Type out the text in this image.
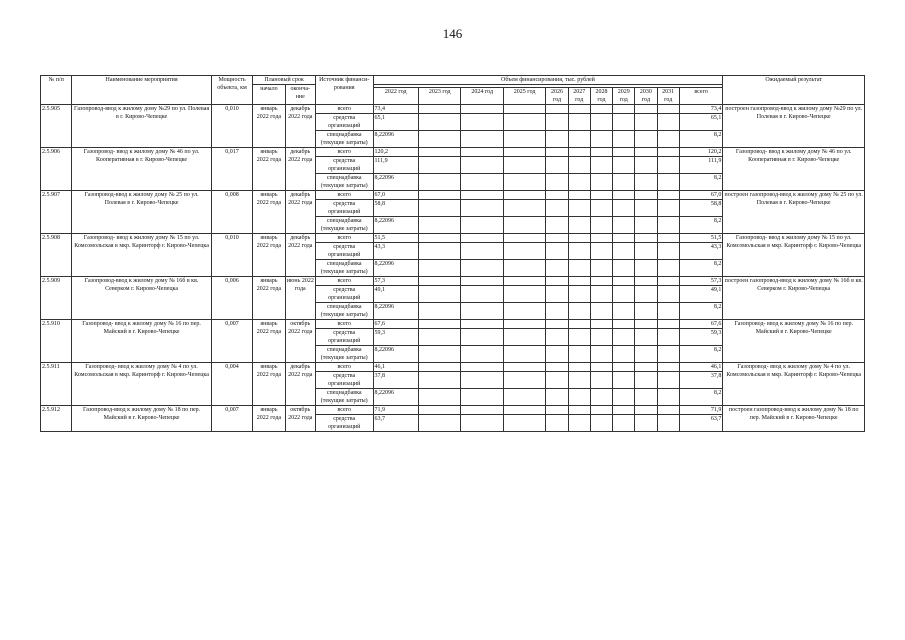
146
№ п/п	Наименование мероприятия	Мощность объекта, км	Плановый срок		Источник финанси-рования	Объем финансирования, тыс. рублей											Ожидаемый результат
			начало	оконча-ние													
						2022 год	2023 год	2024 год	2025 год	2026 год	2027 год	2028 год	2029 год	2030 год	2031 год	всего	
2.5.905	Газопровод-ввод к жилому дому №29 по ул. Полевая в г. Кирово-Чепецке	0,010	январь 2022 года	декабрь 2022 года	всего	73,4										73,4	построен газопровод-ввод к жилому дому №29 по ул. Полевая в г. Кирово-Чепецке
					средства организаций	65,1										65,1	
					спецнадбавка (текущие затраты)	8,22096										8,2	
2.5.906	Газопровод- ввод к жилому дому № 46 по ул. Кооперативная в г. Кирово-Чепецке	0,017	январь 2022 года	декабрь 2022 года	всего	120,2										120,2	Газопровод- ввод к жилому дому № 46 по ул. Кооперативная в г. Кирово-Чепецке
					средства организаций	111,9										111,9	
					спецнадбавка (текущие затраты)	8,22096										8,2	
2.5.907	Газопровод-ввод к жилому дому № 25 по ул. Полевая в г. Кирово-Чепецке	0,008	январь 2022 года	декабрь 2022 года	всего	67,0										67,0	построен газопровод-ввод к жилому дому № 25 по ул. Полевая в г. Кирово-Чепецке
					средства организаций	58,8										58,8	
					спецнадбавка (текущие затраты)	8,22096										8,2	
2.5.908	Газопровод- ввод к жилому дому № 15 по ул. Комсомольская в мкр. Каринторф г. Кирово-Чепецка	0,010	январь 2022 года	декабрь 2022 года	всего	51,5										51,5	Газопровод- ввод к жилому дому № 15 по ул. Комсомольская в мкр. Каринторф г. Кирово-Чепецка
					средства организаций	43,3										43,3	
					спецнадбавка (текущие затраты)	8,22096										8,2	
2.5.909	Газопровод-ввод к жилому дому № 16б в кв. Северком г. Кирово-Чепецка	0,006	январь 2022 года	июнь 2022 года	всего	57,3										57,3	построен газопровод-ввод к жилому дому № 16б в кв. Северком г. Кирово-Чепецка
					средства организаций	49,1										49,1	
					спецнадбавка (текущие затраты)	8,22096										8,2	
2.5.910	Газопровод- ввод к жилому дому № 16 по пер. Майский в г. Кирово-Чепецке	0,007	январь 2022 года	октябрь 2022 года	всего	67,6										67,6	Газопровод- ввод к жилому дому № 16 по пер. Майский в г. Кирово-Чепецке
					средства организаций	59,3										59,3	
					спецнадбавка (текущие затраты)	8,22096										8,2	
2.5.911	Газопровод- ввод к жилому дому № 4 по ул. Комсомольская в мкр. Каринторф г. Кирово-Чепецка	0,004	январь 2022 года	декабрь 2022 года	всего	46,1										46,1	Газопровод- ввод к жилому дому № 4 по ул. Комсомольская в мкр. Каринторф г. Кирово-Чепецка
					средства организаций	37,8										37,8	
					спецнадбавка (текущие затраты)	8,22096										8,2	
2.5.912	Газопровод-ввод к жилому дому № 18 по пер. Майский в г. Кирово-Чепецке	0,007	январь 2022 года	октябрь 2022 года	всего	71,9										71,9	построен газопровод-ввод к жилому дому № 18 по пер. Майский в г. Кирово-Чепецке
					средства организаций	63,7										63,7	
